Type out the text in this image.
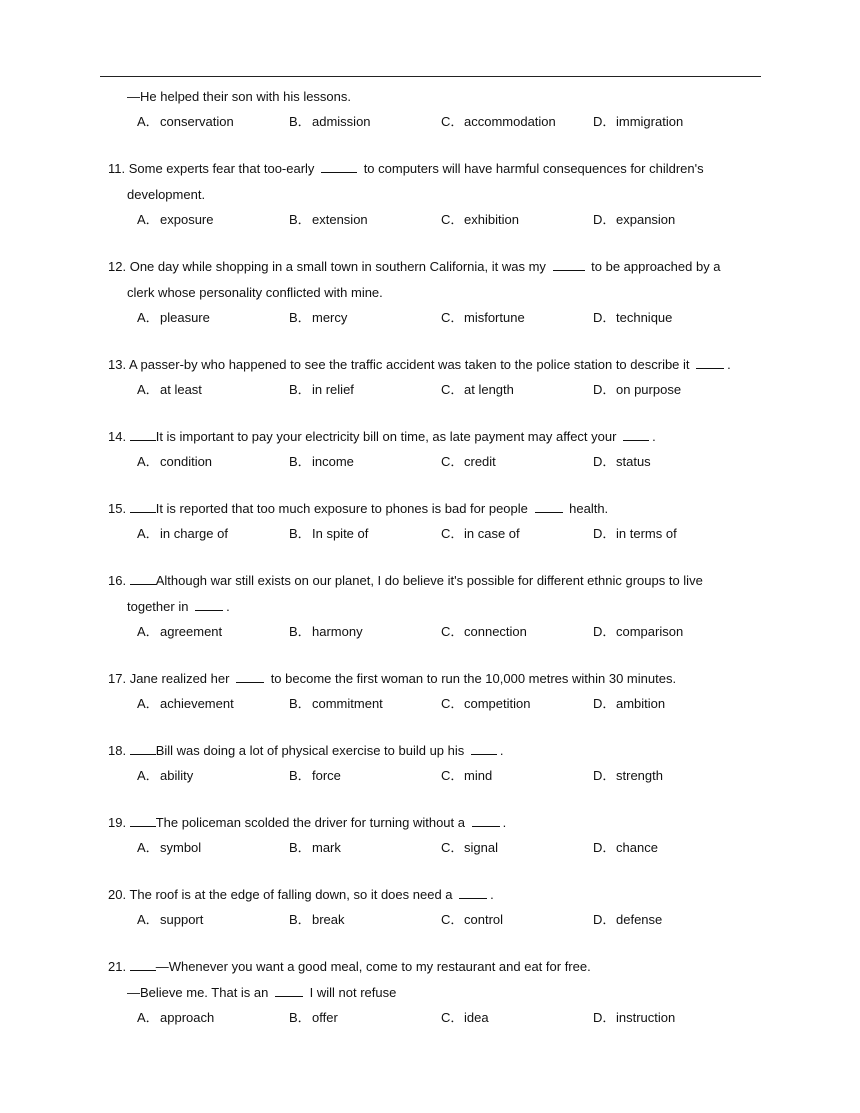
—He helped their son with his lessons.

A．conservation	B．admission	C．accommodation	D．immigration

11. Some experts fear that too-early	to computers will have harmful consequences for children's

development.

A．exposure	B．extension	C．exhibition	D．expansion

12. One day while shopping in a small town in southern California, it was my	to be approached by a

clerk whose personality conflicted with mine.

A．pleasure	B．mercy	C．misfortune	D．technique

13. A passer-by who happened to see the traffic accident was taken to the police station to describe it	.

A．at least	B．in relief	C．at length	D．on purpose

14. It is important to pay your electricity bill on time, as late payment may affect your	.

A．condition	B．income	C．credit	D．status

15. It is reported that too much exposure to phones is bad for people	health.

A．in charge of	B．In spite of	C．in case of	D．in terms of

16. Although war still exists on our planet, I do believe it's possible for different ethnic groups to live

together in	.

A．agreement	B．harmony	C．connection	D．comparison

17. Jane realized her	to become the first woman to run the 10,000 metres within 30 minutes.

A．achievement	B．commitment	C．competition	D．ambition

18. Bill was doing a lot of physical exercise to build up his	.

A．ability	B．force	C．mind	D．strength

19. The policeman scolded the driver for turning without a	.

A．symbol	B．mark	C．signal	D．chance

20. The roof is at the edge of falling down, so it does need a	.

A．support	B．break	C．control	D．defense

21. —Whenever you want a good meal, come to my restaurant and eat for free.

—Believe me. That is an	I will not refuse

A．approach	B．offer	C．idea	D．instruction
